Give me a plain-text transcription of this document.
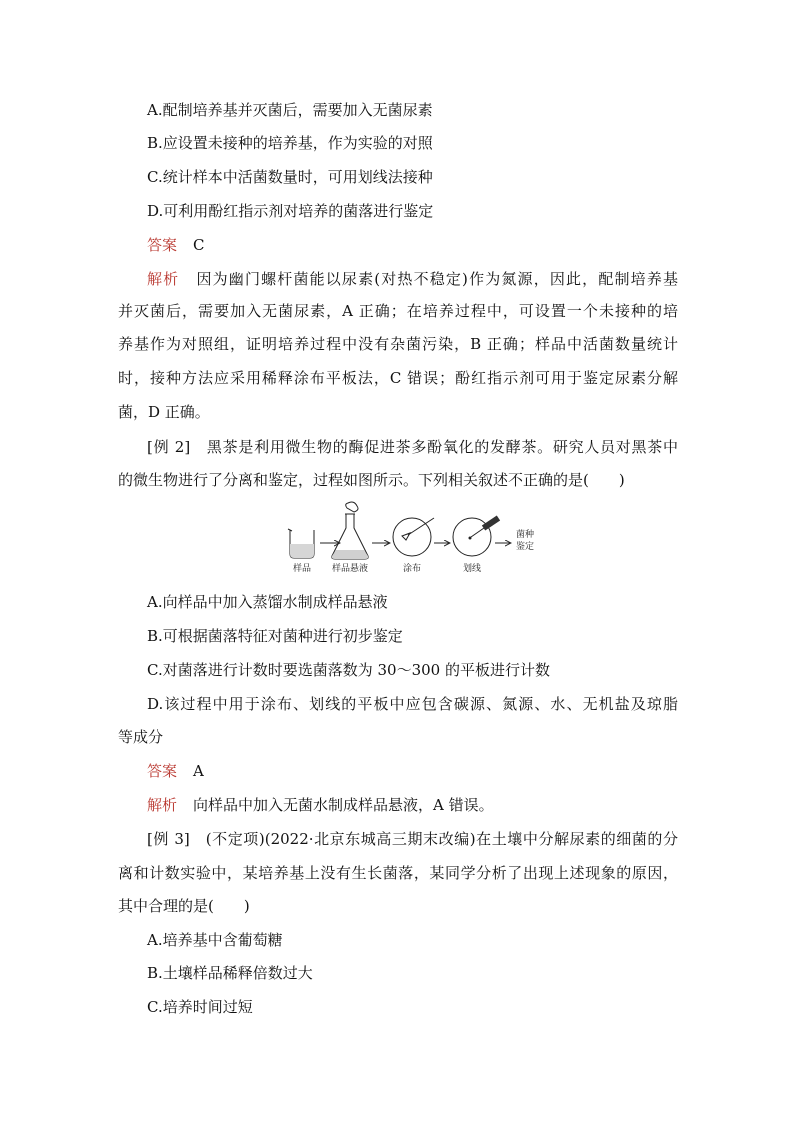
A.配制培养基并灭菌后，需要加入无菌尿素
B.应设置未接种的培养基，作为实验的对照
C.统计样本中活菌数量时，可用划线法接种
D.可利用酚红指示剂对培养的菌落进行鉴定
答案 C
解析 因为幽门螺杆菌能以尿素(对热不稳定)作为氮源，因此，配制培养基
并灭菌后，需要加入无菌尿素，A 正确；在培养过程中，可设置一个未接种的培
养基作为对照组，证明培养过程中没有杂菌污染，B 正确；样品中活菌数量统计
时，接种方法应采用稀释涂布平板法，C 错误；酚红指示剂可用于鉴定尿素分解
菌，D 正确。
[例 2] 黑茶是利用微生物的酶促进茶多酚氧化的发酵茶。研究人员对黑茶中
的微生物进行了分离和鉴定，过程如图所示。下列相关叙述不正确的是(　　)
样品 样品悬液	涂布	划线
菌种
鉴定
A.向样品中加入蒸馏水制成样品悬液
B.可根据菌落特征对菌种进行初步鉴定
C.对菌落进行计数时要选菌落数为 30～300 的平板进行计数
D.该过程中用于涂布、划线的平板中应包含碳源、氮源、水、无机盐及琼脂
等成分
答案 A
解析 向样品中加入无菌水制成样品悬液，A 错误。
[例 3] (不定项)(2022·北京东城高三期末改编)在土壤中分解尿素的细菌的分
离和计数实验中，某培养基上没有生长菌落，某同学分析了出现上述现象的原因，
其中合理的是(　　)
A.培养基中含葡萄糖
B.土壤样品稀释倍数过大
C.培养时间过短
